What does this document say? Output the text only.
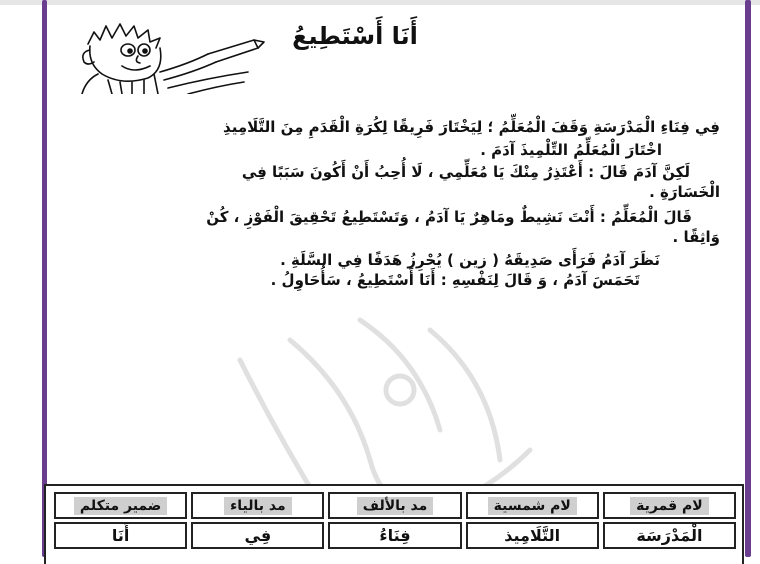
أَنَا أَسْتَطِيعُ
فِي فِنَاءِ الْمَدْرَسَةِ وَقَفَ الْمُعَلِّمُ ؛ لِيَخْتَارَ فَرِيقًا لِكُرَةِ الْقَدَمِ مِنَ التَّلَامِيذِ
اخْتَارَ الْمُعَلِّمُ التِّلْمِيذَ آدَمَ .
لَكِنَّ آدَمَ قَالَ : أَعْتَذِرُ مِنْكَ يَا مُعَلِّمِي ، لَا أُحِبُ أَنْ أَكُونَ سَبَبًا فِي
الْخَسَارَةِ .
قَالَ الْمُعَلِّمُ : أَنْتَ نَشِيطٌ ومَاهِرٌ يَا آدَمُ ، وَتَسْتَطِيعُ تَحْقِيقَ الْفَوْزِ ، كُنْ
وَاثِقًا .
نَظَرَ آدَمُ فَرَأَى صَدِيقَهُ ( زين ) يُحْرِزُ هَدَفًا فِي السَّلَةِ .
تَحَمَسَ آدَمُ ، وَ قَالَ لِنَفْسِهِ : أَنَا أَسْتَطِيعُ ، سَأُحَاوِلُ .
لام قمرية	لام شمسية	مد بالألف	مد بالياء	ضمير متكلم
الْمَدْرَسَة	التَّلَامِيذ	فِنَاءُ	فِي	أَنَا
